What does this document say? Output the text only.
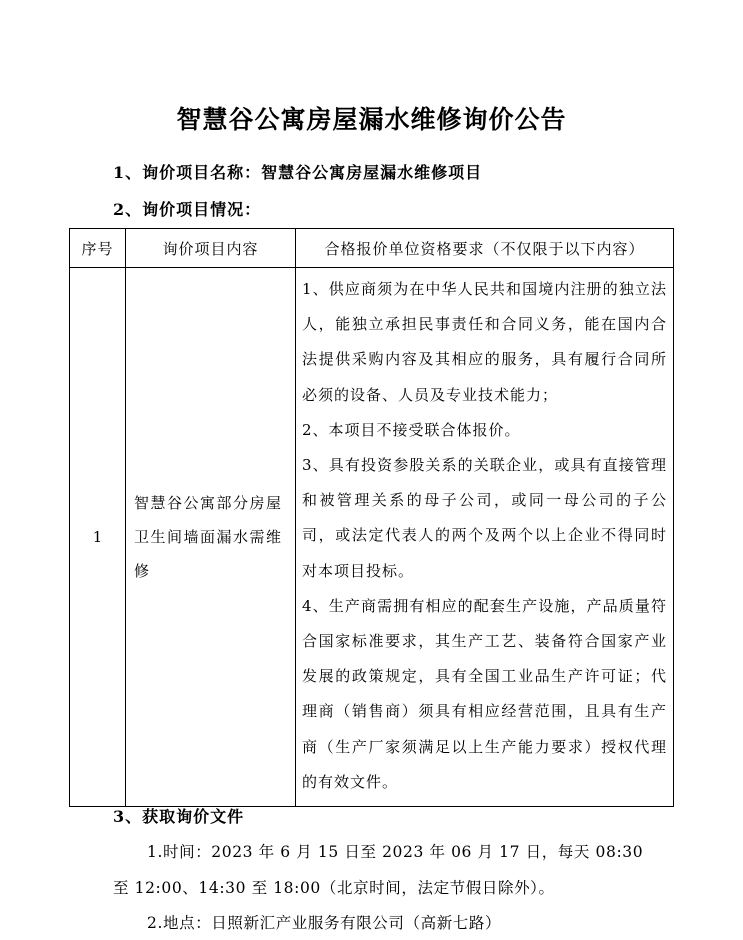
智慧谷公寓房屋漏水维修询价公告
1、询价项目名称：智慧谷公寓房屋漏水维修项目
2、询价项目情况：
序号	询价项目内容	合格报价单位资格要求（不仅限于以下内容）
1	智慧谷公寓部分房屋卫生间墙面漏水需维修	1、供应商须为在中华人民共和国境内注册的独立法人，能独立承担民事责任和合同义务，能在国内合法提供采购内容及其相应的服务，具有履行合同所必须的设备、人员及专业技术能力；

2、本项目不接受联合体报价。

3、具有投资参股关系的关联企业，或具有直接管理和被管理关系的母子公司，或同一母公司的子公司，或法定代表人的两个及两个以上企业不得同时对本项目投标。

4、生产商需拥有相应的配套生产设施，产品质量符合国家标准要求，其生产工艺、装备符合国家产业发展的政策规定，具有全国工业品生产许可证；代理商（销售商）须具有相应经营范围，且具有生产商（生产厂家须满足以上生产能力要求）授权代理的有效文件。

3、获取询价文件
1.时间：2023 年 6 月 15 日至 2023 年 06 月 17 日，每天 08:30
至 12:00、14:30 至 18:00（北京时间，法定节假日除外）。
2.地点：日照新汇产业服务有限公司（高新七路）
